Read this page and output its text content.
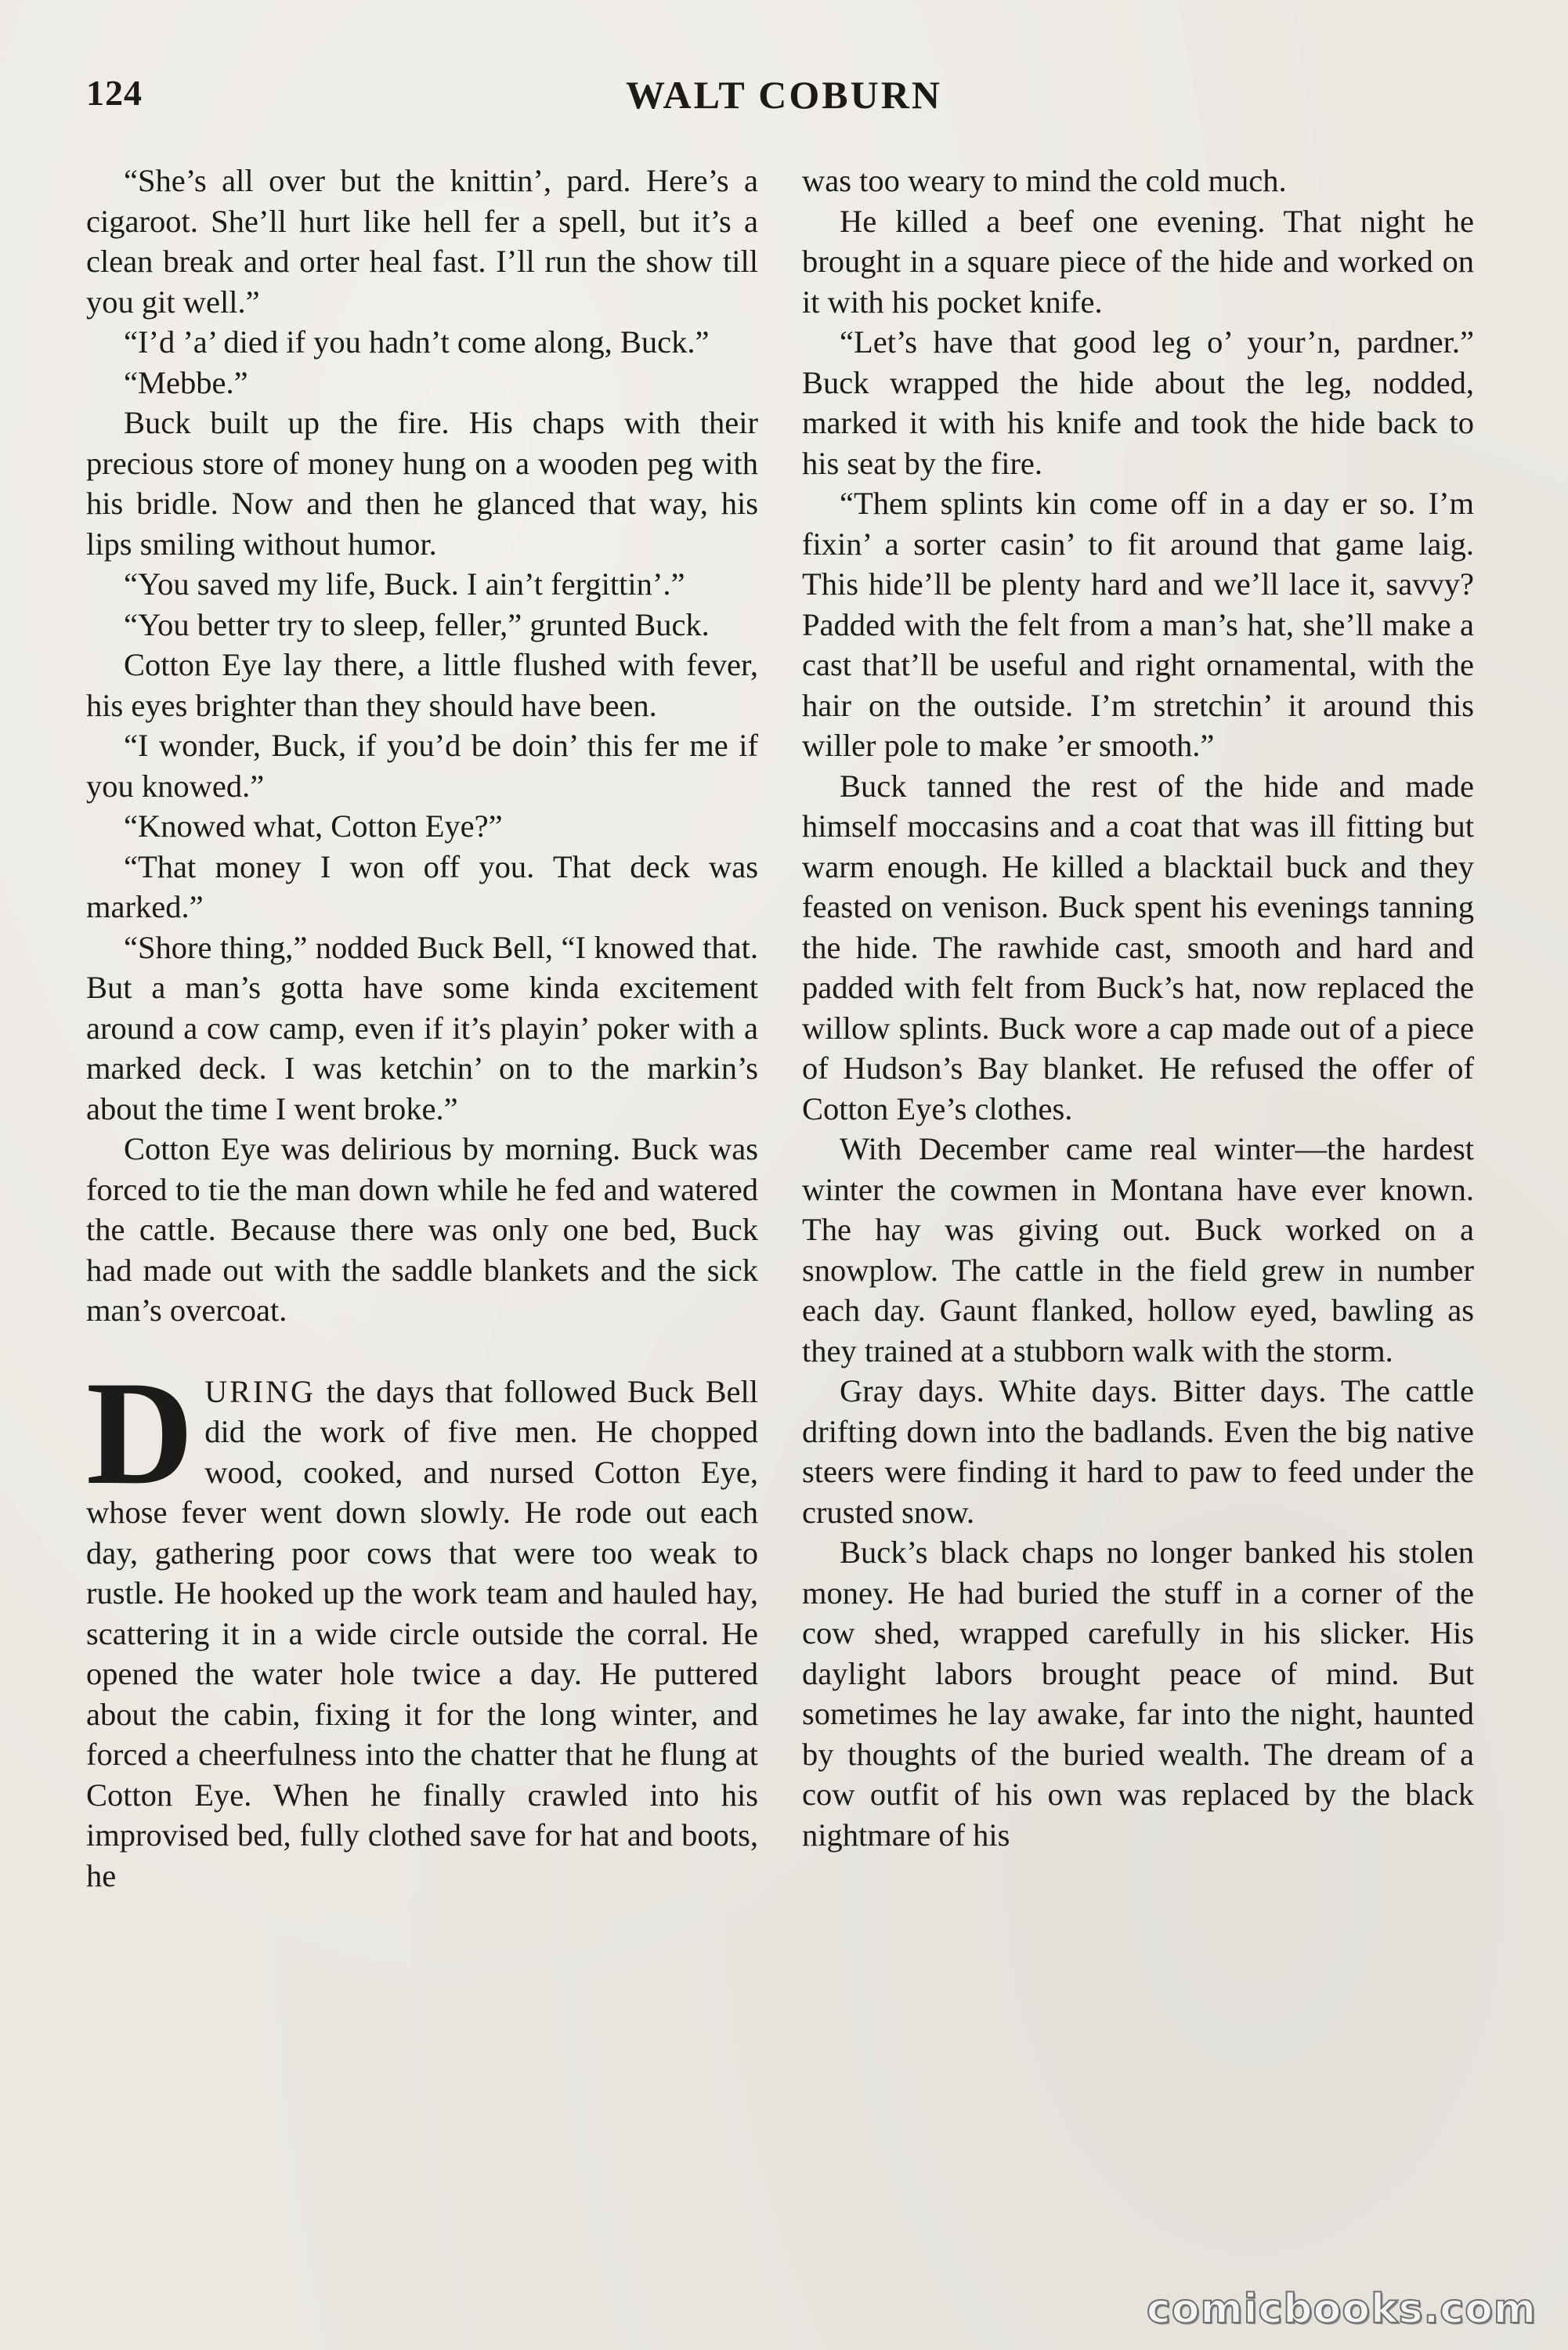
124	WALT COBURN

“She’s all over but the knittin’, pard. Here’s a cigaroot. She’ll hurt like hell fer a spell, but it’s a clean break and orter heal fast. I’ll run the show till you git well.”

“I’d ’a’ died if you hadn’t come along, Buck.”

“Mebbe.”

Buck built up the fire. His chaps with their precious store of money hung on a wooden peg with his bridle. Now and then he glanced that way, his lips smiling without humor.

“You saved my life, Buck. I ain’t fergittin’.”

“You better try to sleep, feller,” grunted Buck.

Cotton Eye lay there, a little flushed with fever, his eyes brighter than they should have been.

“I wonder, Buck, if you’d be doin’ this fer me if you knowed.”

“Knowed what, Cotton Eye?”

“That money I won off you. That deck was marked.”

“Shore thing,” nodded Buck Bell, “I knowed that. But a man’s gotta have some kinda excitement around a cow camp, even if it’s playin’ poker with a marked deck. I was ketchin’ on to the markin’s about the time I went broke.”

Cotton Eye was delirious by morning. Buck was forced to tie the man down while he fed and watered the cattle. Because there was only one bed, Buck had made out with the saddle blankets and the sick man’s overcoat.

DURING the days that followed Buck Bell did the work of five men. He chopped wood, cooked, and nursed Cotton Eye, whose fever went down slowly. He rode out each day, gathering poor cows that were too weak to rustle. He hooked up the work team and hauled hay, scattering it in a wide circle outside the corral. He opened the water hole twice a day. He puttered about the cabin, fixing it for the long winter, and forced a cheerfulness into the chatter that he flung at Cotton Eye. When he finally crawled into his improvised bed, fully clothed save for hat and boots, he

was too weary to mind the cold much.

He killed a beef one evening. That night he brought in a square piece of the hide and worked on it with his pocket knife.

“Let’s have that good leg o’ your’n, pardner.” Buck wrapped the hide about the leg, nodded, marked it with his knife and took the hide back to his seat by the fire.

“Them splints kin come off in a day er so. I’m fixin’ a sorter casin’ to fit around that game laig. This hide’ll be plenty hard and we’ll lace it, savvy? Padded with the felt from a man’s hat, she’ll make a cast that’ll be useful and right ornamental, with the hair on the outside. I’m stretchin’ it around this willer pole to make ’er smooth.”

Buck tanned the rest of the hide and made himself moccasins and a coat that was ill fitting but warm enough. He killed a blacktail buck and they feasted on venison. Buck spent his evenings tanning the hide. The rawhide cast, smooth and hard and padded with felt from Buck’s hat, now replaced the willow splints. Buck wore a cap made out of a piece of Hudson’s Bay blanket. He refused the offer of Cotton Eye’s clothes.

With December came real winter—the hardest winter the cowmen in Montana have ever known. The hay was giving out. Buck worked on a snowplow. The cattle in the field grew in number each day. Gaunt flanked, hollow eyed, bawling as they trained at a stubborn walk with the storm.

Gray days. White days. Bitter days. The cattle drifting down into the badlands. Even the big native steers were finding it hard to paw to feed under the crusted snow.

Buck’s black chaps no longer banked his stolen money. He had buried the stuff in a corner of the cow shed, wrapped carefully in his slicker. His daylight labors brought peace of mind. But sometimes he lay awake, far into the night, haunted by thoughts of the buried wealth. The dream of a cow outfit of his own was replaced by the black nightmare of his

comicbooks.com
